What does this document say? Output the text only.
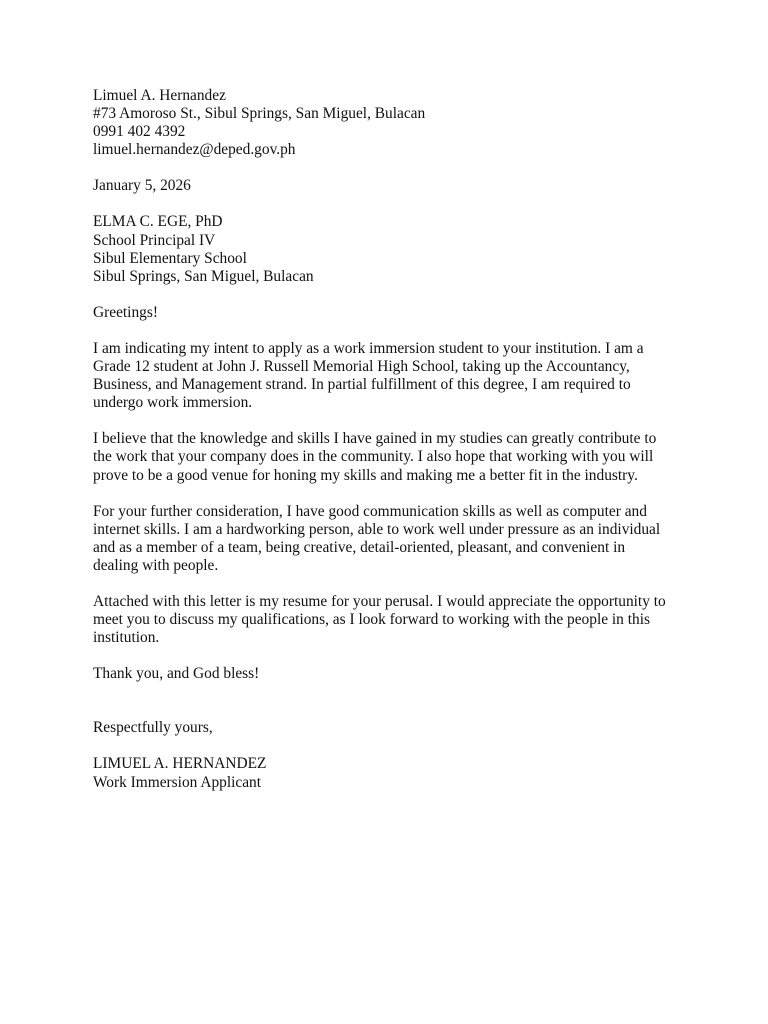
Limuel A. Hernandez
#73 Amoroso St., Sibul Springs, San Miguel, Bulacan
0991 402 4392
limuel.hernandez@deped.gov.ph
January 5, 2026
ELMA C. EGE, PhD
School Principal IV
Sibul Elementary School
Sibul Springs, San Miguel, Bulacan
Greetings!

I am indicating my intent to apply as a work immersion student to your institution. I am a Grade 12 student at John J. Russell Memorial High School, taking up the Accountancy, Business, and Management strand. In partial fulfillment of this degree, I am required to undergo work immersion.

I believe that the knowledge and skills I have gained in my studies can greatly contribute to the work that your company does in the community. I also hope that working with you will prove to be a good venue for honing my skills and making me a better fit in the industry.

For your further consideration, I have good communication skills as well as computer and internet skills. I am a hardworking person, able to work well under pressure as an individual and as a member of a team, being creative, detail-oriented, pleasant, and convenient in dealing with people.

Attached with this letter is my resume for your perusal. I would appreciate the opportunity to meet you to discuss my qualifications, as I look forward to working with the people in this institution.

Thank you, and God bless!
Respectfully yours,
LIMUEL A. HERNANDEZ
Work Immersion Applicant
